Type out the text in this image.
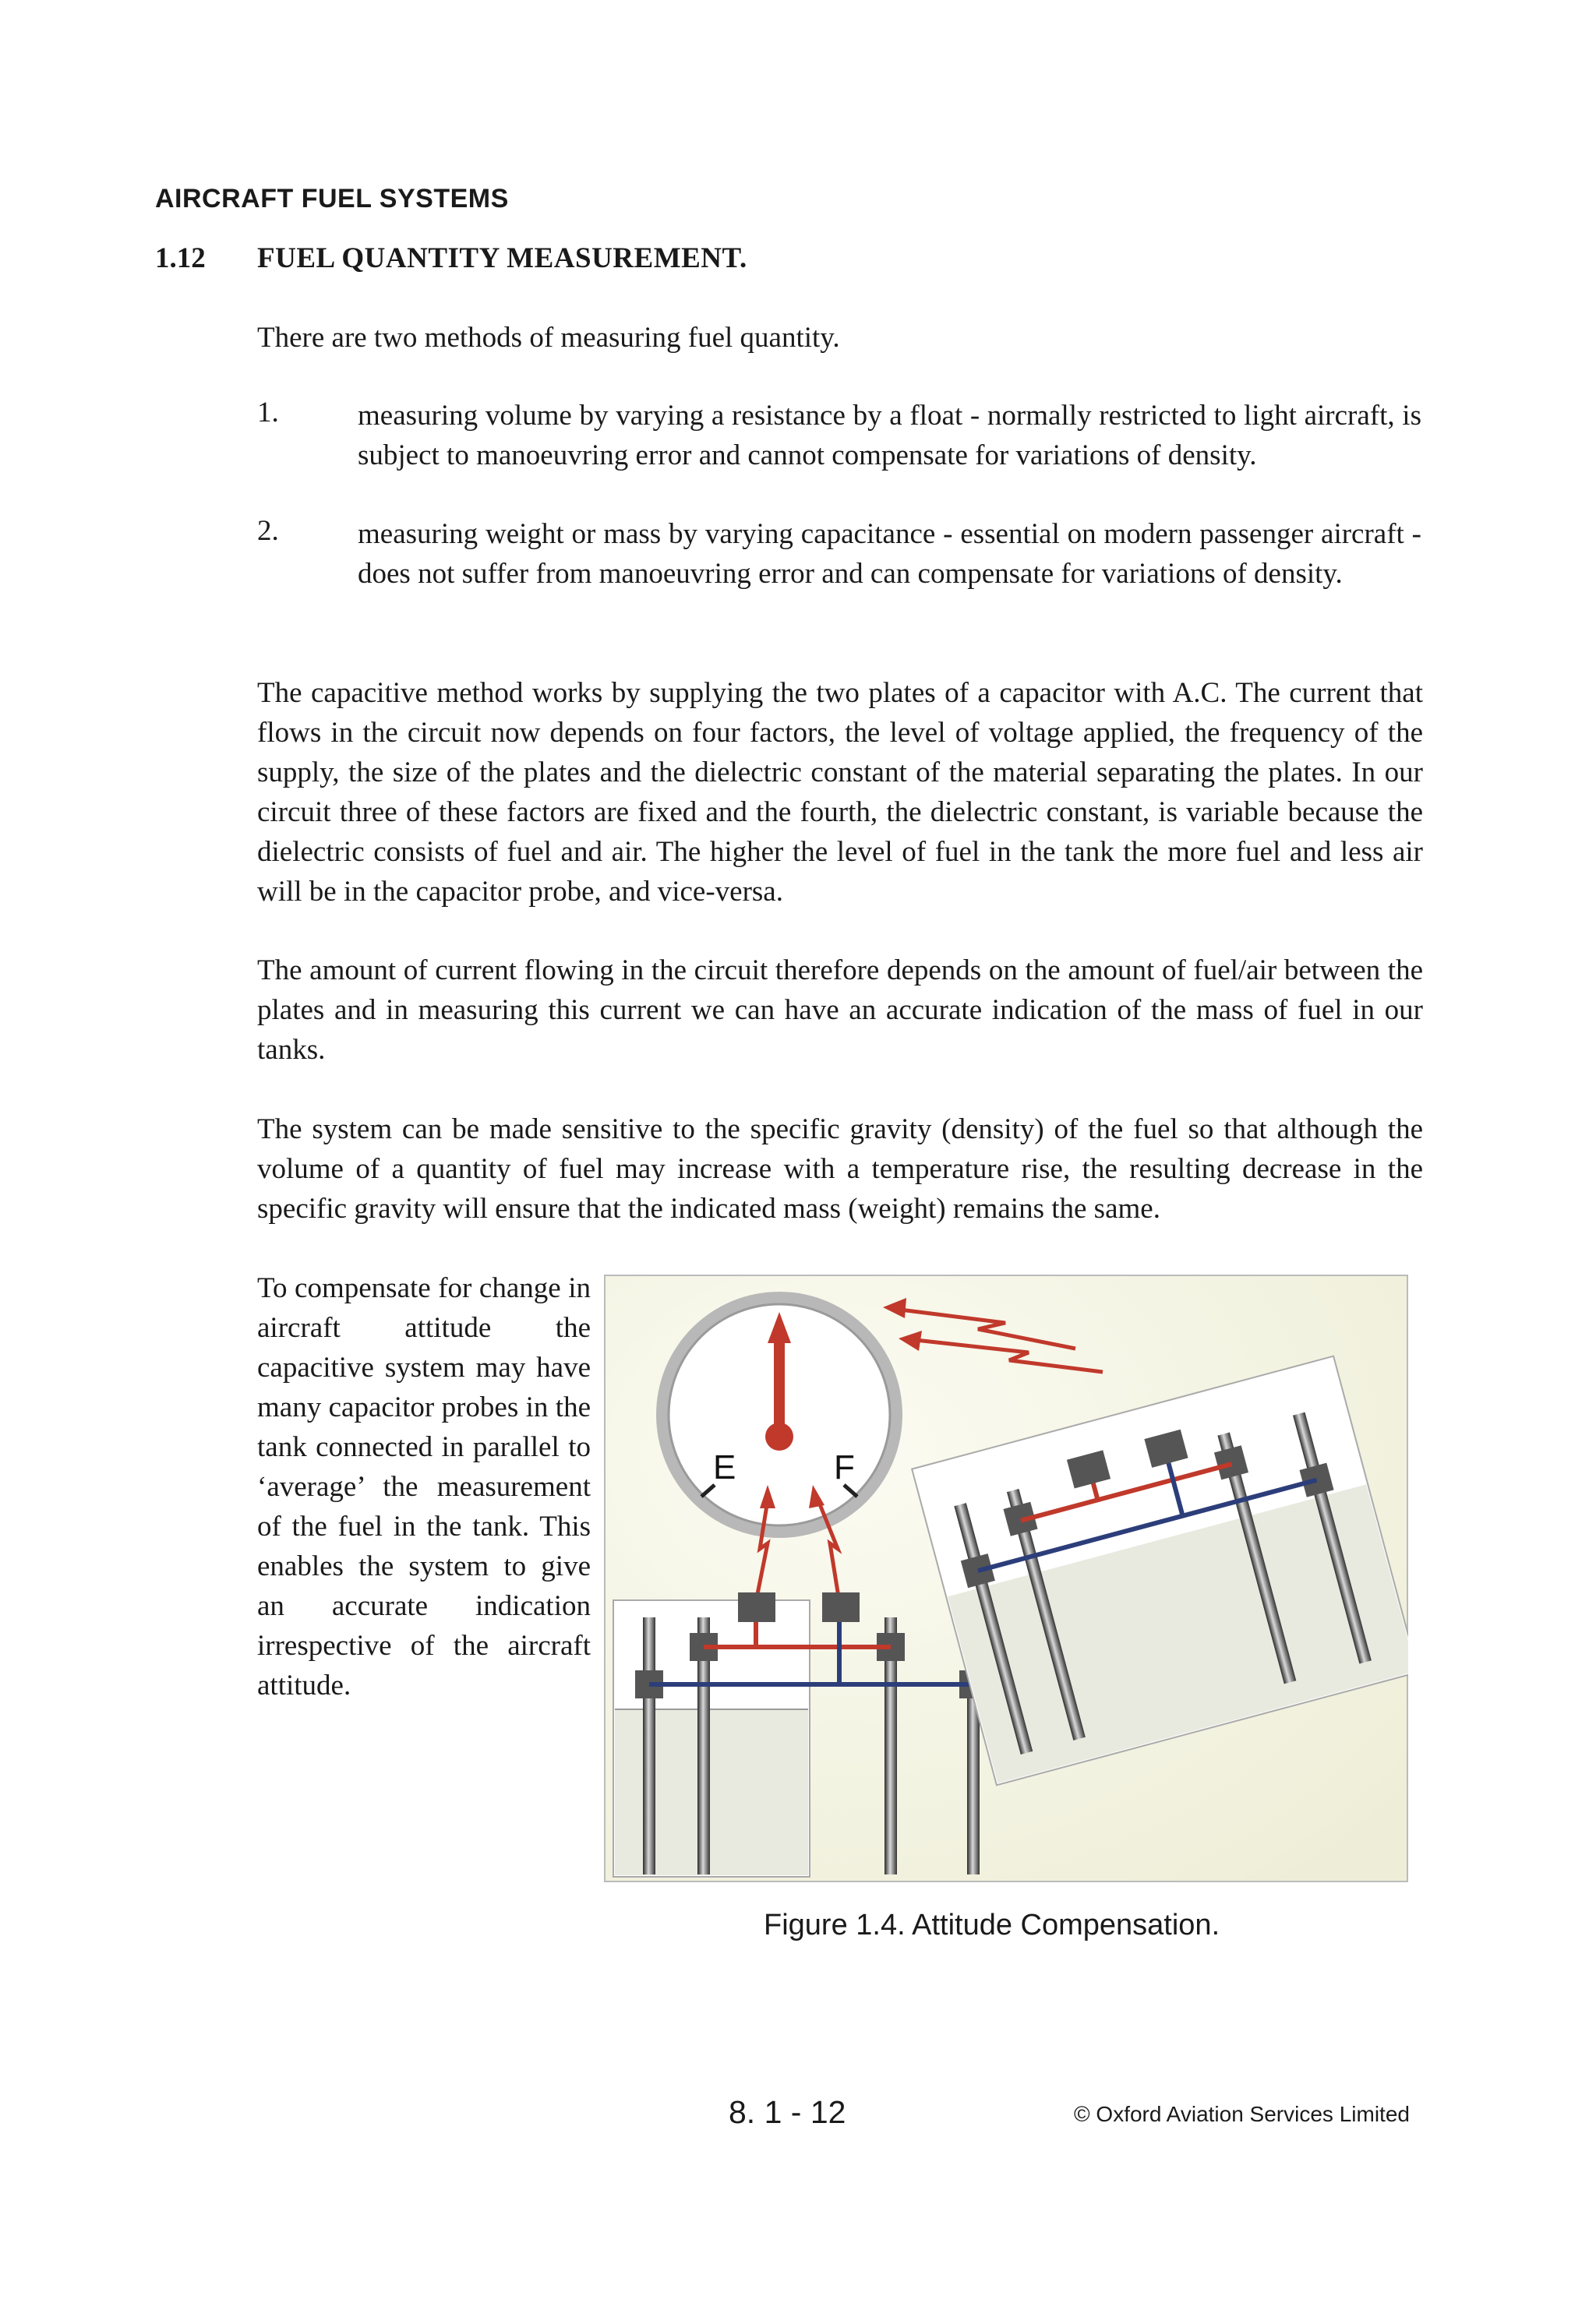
AIRCRAFT FUEL SYSTEMS
1.12 FUEL QUANTITY MEASUREMENT.

There are two methods of measuring fuel quantity.

1.	measuring volume by varying a resistance by a float - normally restricted to light aircraft, is subject to manoeuvring error and cannot compensate for variations of density.

2.	measuring weight or mass by varying capacitance - essential on modern passenger aircraft - does not suffer from manoeuvring error and can compensate for variations of density.

The capacitive method works by supplying the two plates of a capacitor with A.C. The current that flows in the circuit now depends on four factors, the level of voltage applied, the frequency of the supply, the size of the plates and the dielectric constant of the material separating the plates. In our circuit three of these factors are fixed and the fourth, the dielectric constant, is variable because the dielectric consists of fuel and air. The higher the level of fuel in the tank the more fuel and less air will be in the capacitor probe, and vice-versa.

The amount of current flowing in the circuit therefore depends on the amount of fuel/air between the plates and in measuring this current we can have an accurate indication of the mass of fuel in our tanks.

The system can be made sensitive to the specific gravity (density) of the fuel so that although the volume of a quantity of fuel may increase with a temperature rise, the resulting decrease in the specific gravity will ensure that the indicated mass (weight) remains the same.

To compensate for change in aircraft attitude the capacitive system may have many capacitor probes in the tank connected in parallel to ‘average’ the measurement of the fuel in the tank. This enables the system to give an accurate indication irrespective of the aircraft attitude.

E	F
Figure 1.4. Attitude Compensation.
8. 1 - 12	© Oxford Aviation Services Limited
